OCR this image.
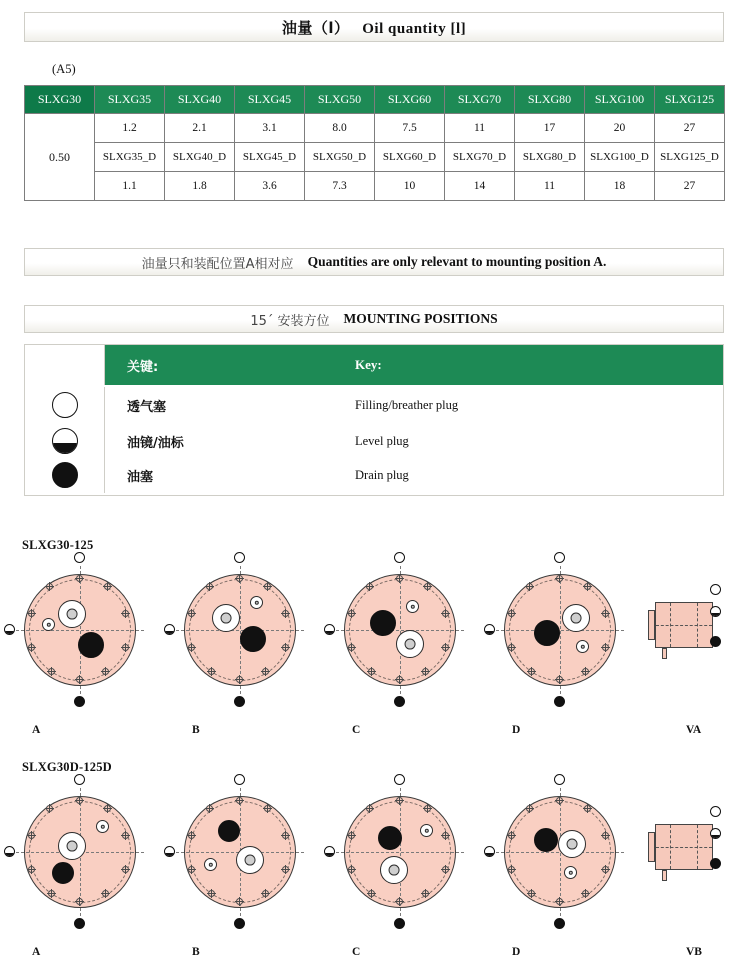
油量（l） Oil quantity [l]
(A5)
SLXG30	SLXG35	SLXG40	SLXG45	SLXG50	SLXG60	SLXG70	SLXG80	SLXG100	SLXG125
0.50	1.2	2.1	3.1	8.0	7.5	11	17	20	27
	SLXG35_D	SLXG40_D	SLXG45_D	SLXG50_D	SLXG60_D	SLXG70_D	SLXG80_D	SLXG100_D	SLXG125_D
	1.1	1.8	3.6	7.3	10	14	11	18	27
油量只和装配位置A相对应 Quantities are only relevant to mounting position A.
15´ 安装方位 MOUNTING POSITIONS
关键:	Key:
透气塞	Filling/breather plug
油镜/油标	Level plug
油塞	Drain plug
SLXG30-125
A	B	C	D	VA
SLXG30D-125D
A	B	C	D	VB
